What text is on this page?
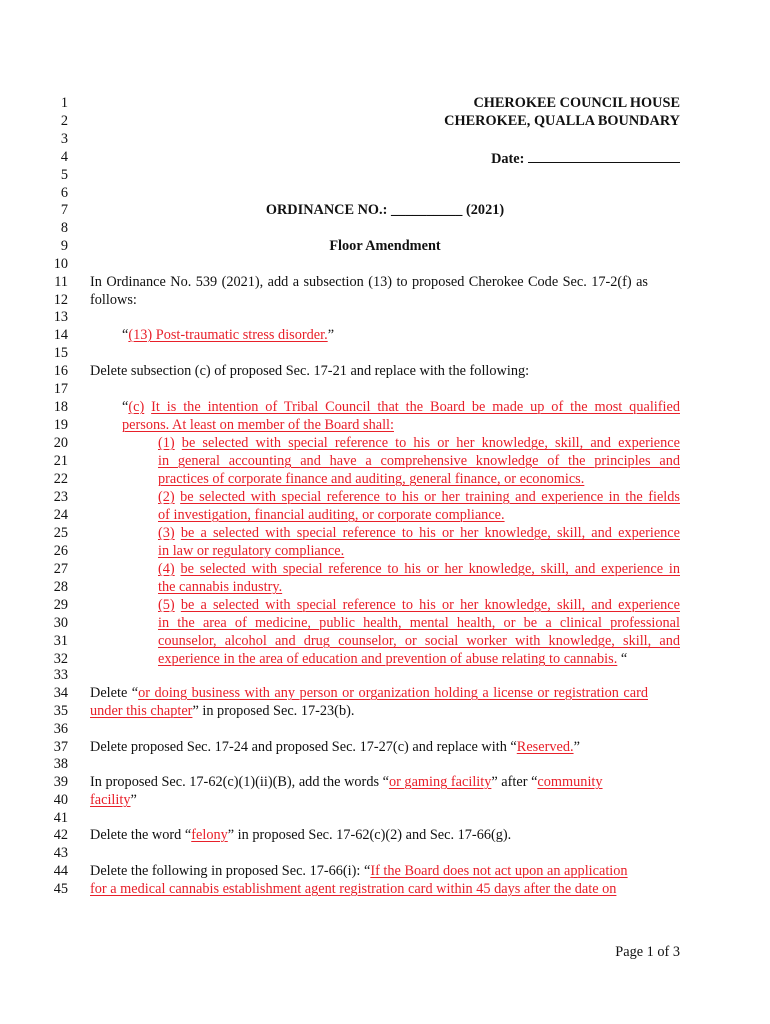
1
2
3
4
5
6
7
8
9
10
11
12
13
14
15
16
17
18
19
20
21
22
23
24
25
26
27
28
29
30
31
32
33
34
35
36
37
38
39
40
41
42
43
44
45
CHEROKEE COUNCIL HOUSE
CHEROKEE, QUALLA BOUNDARY
Date:
ORDINANCE NO.: __________ (2021)
Floor Amendment
In Ordinance No. 539 (2021), add a subsection (13) to proposed Cherokee Code Sec. 17-2(f) as
follows:
“(13) Post-traumatic stress disorder.”
Delete subsection (c) of proposed Sec. 17-21 and replace with the following:
“(c) It is the intention of Tribal Council that the Board be made up of the most qualified
persons. At least on member of the Board shall:
(1) be selected with special reference to his or her knowledge, skill, and experience
in general accounting and have a comprehensive knowledge of the principles and
practices of corporate finance and auditing, general finance, or economics.
(2) be selected with special reference to his or her training and experience in the fields
of investigation, financial auditing, or corporate compliance.
(3) be a selected with special reference to his or her knowledge, skill, and experience
in law or regulatory compliance.
(4) be selected with special reference to his or her knowledge, skill, and experience in
the cannabis industry.
(5) be a selected with special reference to his or her knowledge, skill, and experience
in the area of medicine, public health, mental health, or be a clinical professional
counselor, alcohol and drug counselor, or social worker with knowledge, skill, and
experience in the area of education and prevention of abuse relating to cannabis. “
Delete “or doing business with any person or organization holding a license or registration card
under this chapter” in proposed Sec. 17-23(b).
Delete proposed Sec. 17-24 and proposed Sec. 17-27(c) and replace with “Reserved.”
In proposed Sec. 17-62(c)(1)(ii)(B), add the words “or gaming facility” after “community
facility”
Delete the word “felony” in proposed Sec. 17-62(c)(2) and Sec. 17-66(g).
Delete the following in proposed Sec. 17-66(i): “If the Board does not act upon an application
for a medical cannabis establishment agent registration card within 45 days after the date on
Page 1 of 3
